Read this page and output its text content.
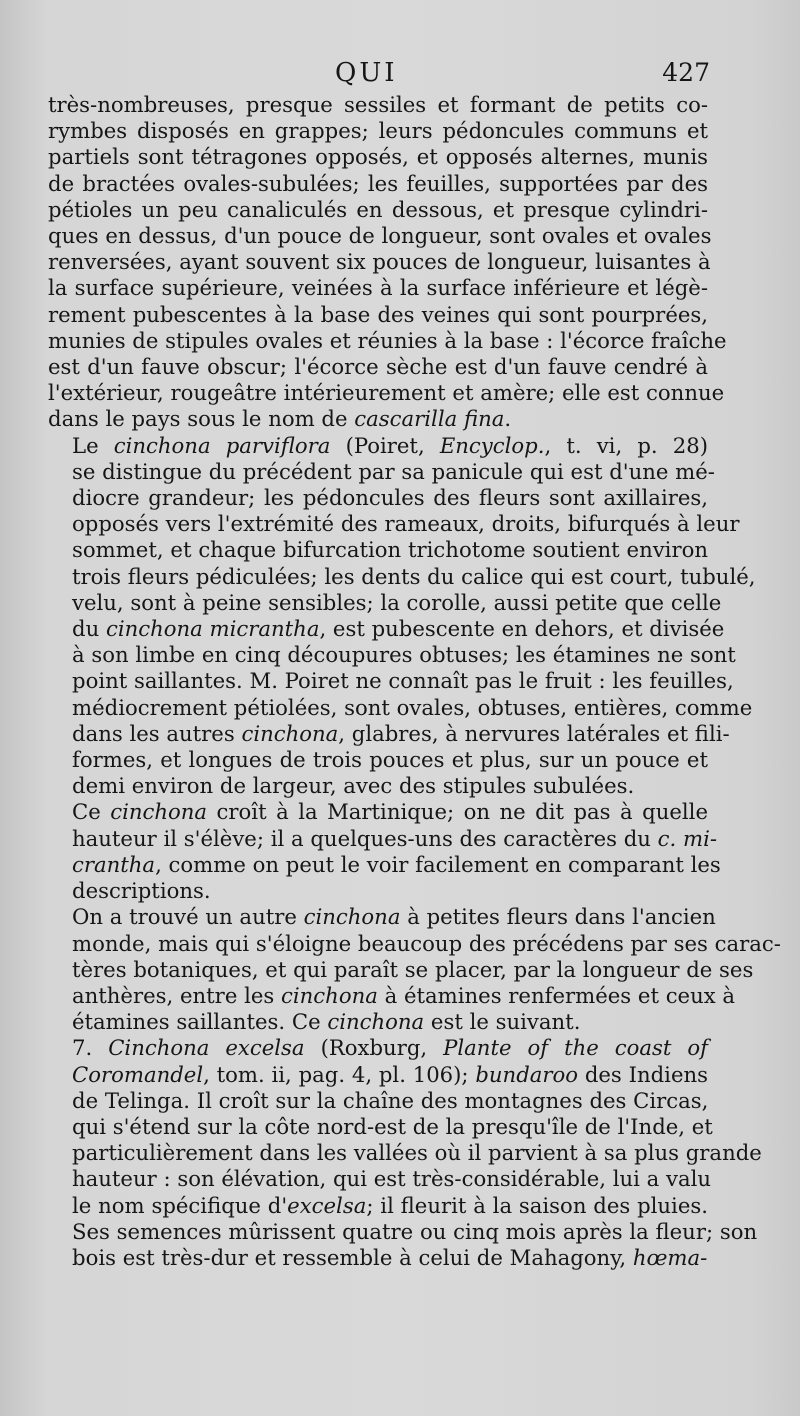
QUI	427

très-nombreuses, presque sessiles et formant de petits co-
rymbes disposés en grappes; leurs pédoncules communs et
partiels sont tétragones opposés, et opposés alternes, munis
de bractées ovales-subulées; les feuilles, supportées par des
pétioles un peu canaliculés en dessous, et presque cylindri-
ques en dessus, d'un pouce de longueur, sont ovales et ovales
renversées, ayant souvent six pouces de longueur, luisantes à
la surface supérieure, veinées à la surface inférieure et légè-
rement pubescentes à la base des veines qui sont pourprées,
munies de stipules ovales et réunies à la base : l'écorce fraîche
est d'un fauve obscur; l'écorce sèche est d'un fauve cendré à
l'extérieur, rougeâtre intérieurement et amère; elle est connue
dans le pays sous le nom de cascarilla fina.

Le cinchona parviflora (Poiret, Encyclop., t. vi, p. 28)
se distingue du précédent par sa panicule qui est d'une mé-
diocre grandeur; les pédoncules des fleurs sont axillaires,
opposés vers l'extrémité des rameaux, droits, bifurqués à leur
sommet, et chaque bifurcation trichotome soutient environ
trois fleurs pédiculées; les dents du calice qui est court, tubulé,
velu, sont à peine sensibles; la corolle, aussi petite que celle
du cinchona micrantha, est pubescente en dehors, et divisée
à son limbe en cinq découpures obtuses; les étamines ne sont
point saillantes. M. Poiret ne connaît pas le fruit : les feuilles,
médiocrement pétiolées, sont ovales, obtuses, entières, comme
dans les autres cinchona, glabres, à nervures latérales et fili-
formes, et longues de trois pouces et plus, sur un pouce et
demi environ de largeur, avec des stipules subulées.

Ce cinchona croît à la Martinique; on ne dit pas à quelle
hauteur il s'élève; il a quelques-uns des caractères du c. mi-
crantha, comme on peut le voir facilement en comparant les
descriptions.

On a trouvé un autre cinchona à petites fleurs dans l'ancien
monde, mais qui s'éloigne beaucoup des précédens par ses carac-
tères botaniques, et qui paraît se placer, par la longueur de ses
anthères, entre les cinchona à étamines renfermées et ceux à
étamines saillantes. Ce cinchona est le suivant.

7. Cinchona excelsa (Roxburg, Plante of the coast of
Coromandel, tom. ii, pag. 4, pl. 106); bundaroo des Indiens
de Telinga. Il croît sur la chaîne des montagnes des Circas,
qui s'étend sur la côte nord-est de la presqu'île de l'Inde, et
particulièrement dans les vallées où il parvient à sa plus grande
hauteur : son élévation, qui est très-considérable, lui a valu
le nom spécifique d'excelsa; il fleurit à la saison des pluies.
Ses semences mûrissent quatre ou cinq mois après la fleur; son
bois est très-dur et ressemble à celui de Mahagony, hœma-
